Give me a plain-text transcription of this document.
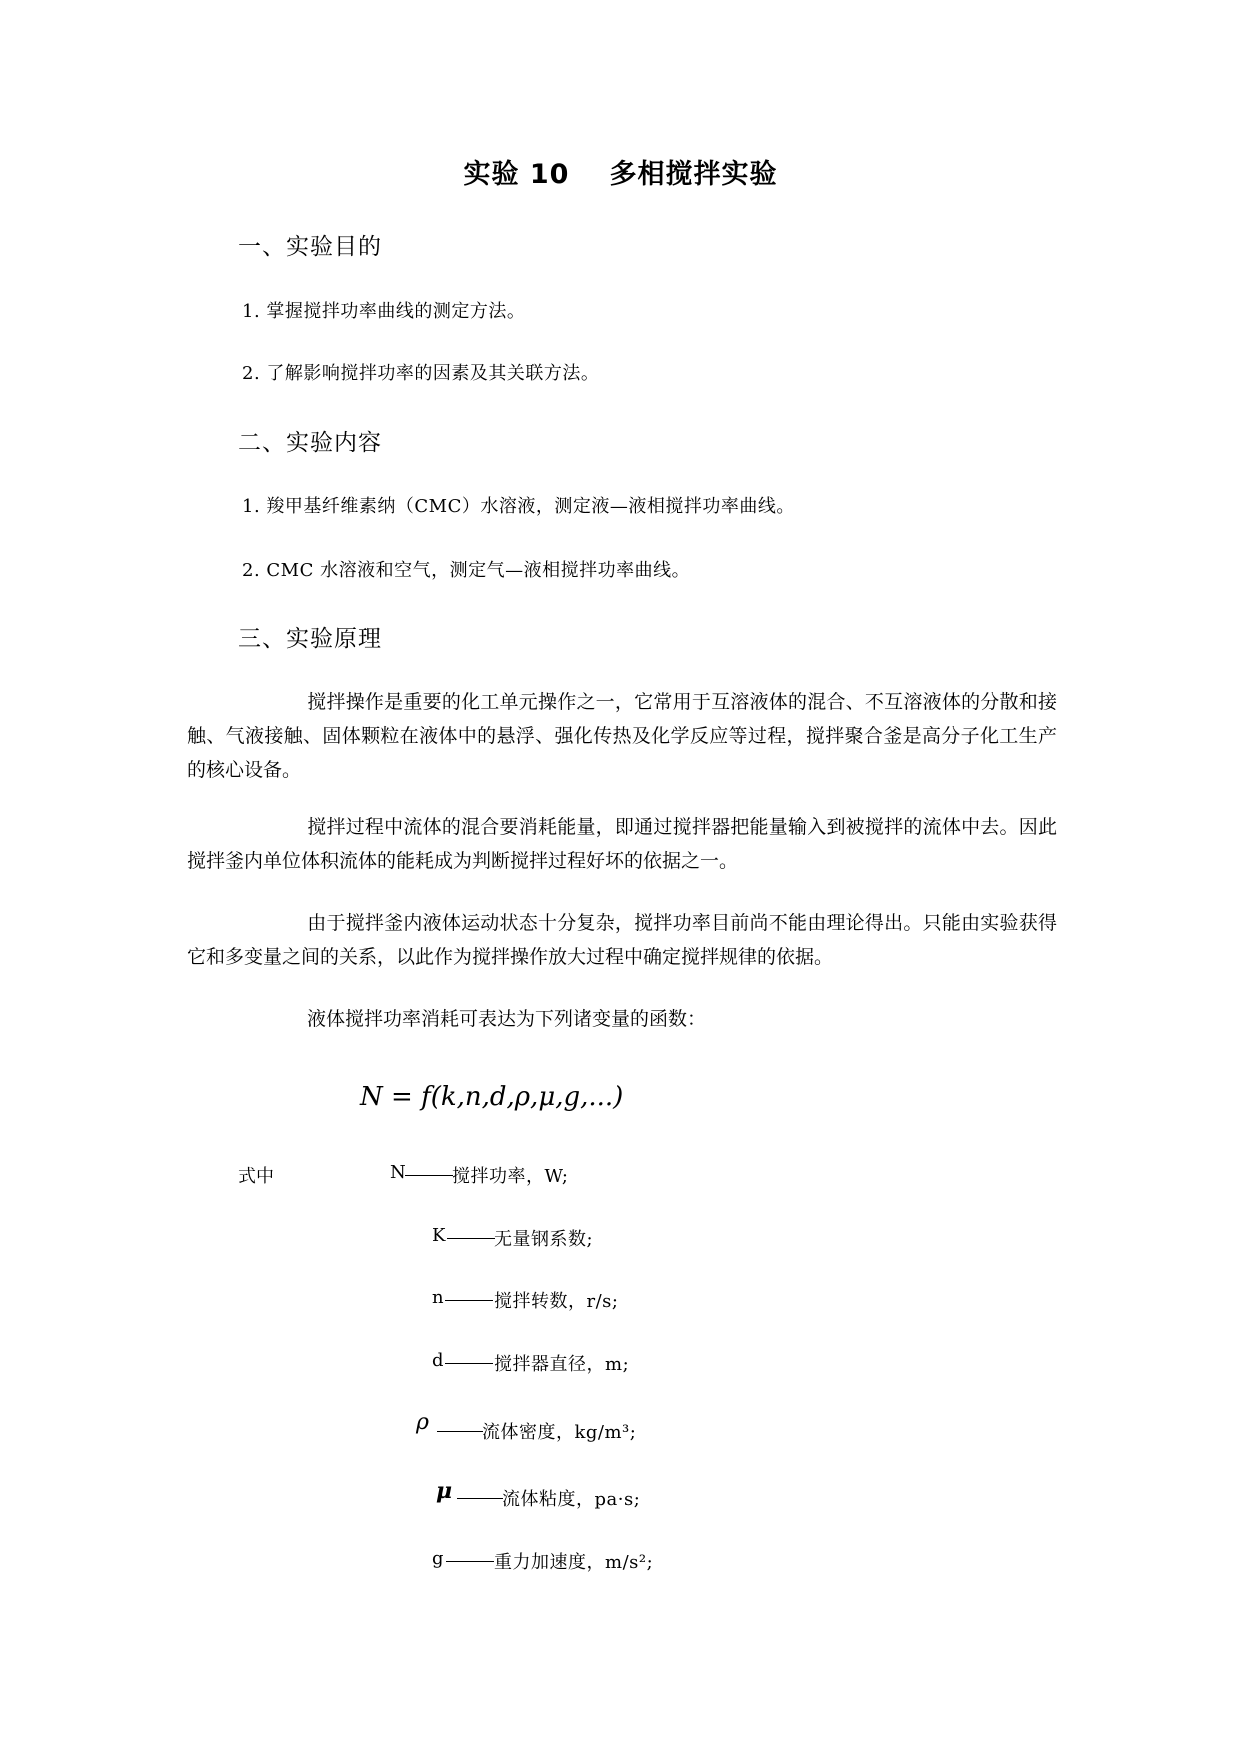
实验 10 多相搅拌实验
一、实验目的
1. 掌握搅拌功率曲线的测定方法。
2. 了解影响搅拌功率的因素及其关联方法。
二、实验内容
1. 羧甲基纤维素纳（CMC）水溶液，测定液—液相搅拌功率曲线。
2. CMC 水溶液和空气，测定气—液相搅拌功率曲线。
三、实验原理
搅拌操作是重要的化工单元操作之一，它常用于互溶液体的混合、不互溶液体的分散和接触、气液接触、固体颗粒在液体中的悬浮、强化传热及化学反应等过程，搅拌聚合釜是高分子化工生产的核心设备。
搅拌过程中流体的混合要消耗能量，即通过搅拌器把能量输入到被搅拌的流体中去。因此搅拌釜内单位体积流体的能耗成为判断搅拌过程好坏的依据之一。
由于搅拌釜内液体运动状态十分复杂，搅拌功率目前尚不能由理论得出。只能由实验获得它和多变量之间的关系，以此作为搅拌操作放大过程中确定搅拌规律的依据。
液体搅拌功率消耗可表达为下列诸变量的函数：
N = f(k,n,d,ρ,μ,g,...)
式中	N	搅拌功率，W;
K	无量钢系数;
n	搅拌转数，r/s;
d	搅拌器直径，m;
ρ	流体密度，kg/m³;
μ	流体粘度，pa·s;
g	重力加速度，m/s²;
